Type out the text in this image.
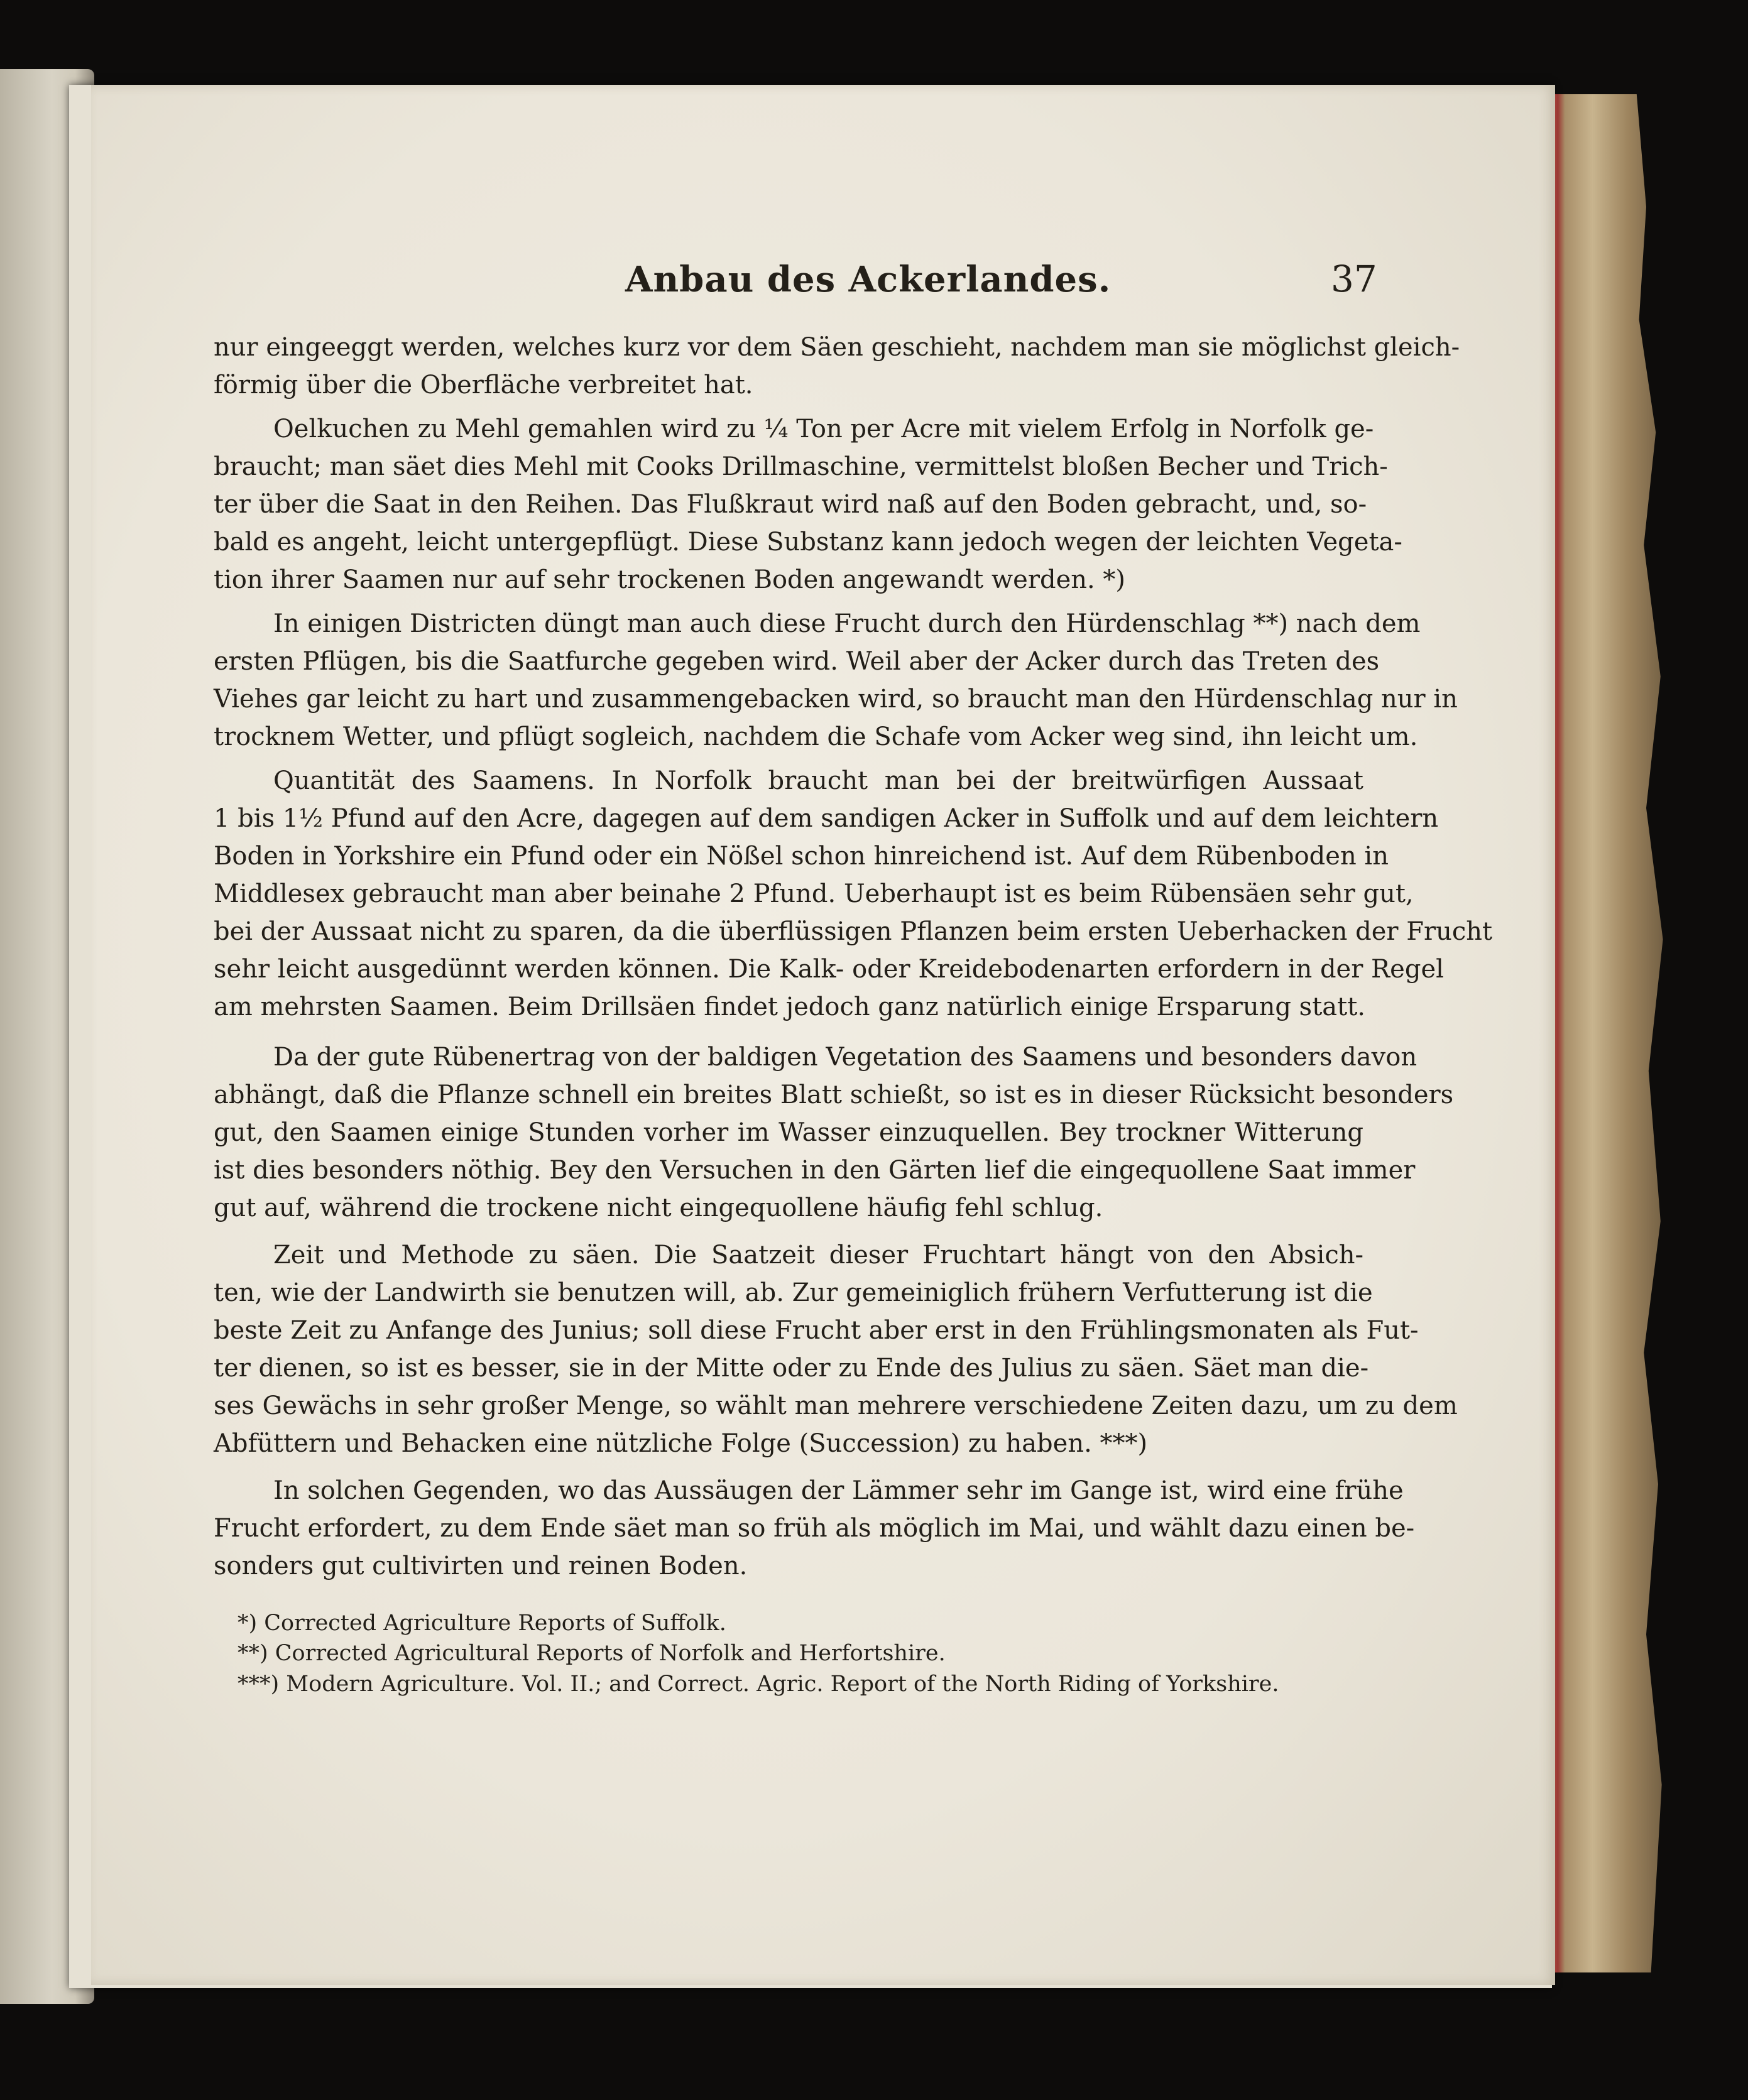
Anbau des Ackerlandes.	37
nur eingeeggt werden, welches kurz vor dem Säen geschieht, nachdem man sie möglichst gleich-
förmig über die Oberfläche verbreitet hat.
Oelkuchen zu Mehl gemahlen wird zu ¼ Ton per Acre mit vielem Erfolg in Norfolk ge-
braucht; man säet dies Mehl mit Cooks Drillmaschine, vermittelst bloßen Becher und Trich-
ter über die Saat in den Reihen. Das Flußkraut wird naß auf den Boden gebracht, und, so-
bald es angeht, leicht untergepflügt. Diese Substanz kann jedoch wegen der leichten Vegeta-
tion ihrer Saamen nur auf sehr trockenen Boden angewandt werden. *)
In einigen Districten düngt man auch diese Frucht durch den Hürdenschlag **) nach dem
ersten Pflügen, bis die Saatfurche gegeben wird. Weil aber der Acker durch das Treten des
Viehes gar leicht zu hart und zusammengebacken wird, so braucht man den Hürdenschlag nur in
trocknem Wetter, und pflügt sogleich, nachdem die Schafe vom Acker weg sind, ihn leicht um.
Quantität des Saamens. In Norfolk braucht man bei der breitwürfigen Aussaat
1 bis 1½ Pfund auf den Acre, dagegen auf dem sandigen Acker in Suffolk und auf dem leichtern
Boden in Yorkshire ein Pfund oder ein Nößel schon hinreichend ist. Auf dem Rübenboden in
Middlesex gebraucht man aber beinahe 2 Pfund. Ueberhaupt ist es beim Rübensäen sehr gut,
bei der Aussaat nicht zu sparen, da die überflüssigen Pflanzen beim ersten Ueberhacken der Frucht
sehr leicht ausgedünnt werden können. Die Kalk- oder Kreidebodenarten erfordern in der Regel
am mehrsten Saamen. Beim Drillsäen findet jedoch ganz natürlich einige Ersparung statt.
Da der gute Rübenertrag von der baldigen Vegetation des Saamens und besonders davon
abhängt, daß die Pflanze schnell ein breites Blatt schießt, so ist es in dieser Rücksicht besonders
gut, den Saamen einige Stunden vorher im Wasser einzuquellen. Bey trockner Witterung
ist dies besonders nöthig. Bey den Versuchen in den Gärten lief die eingequollene Saat immer
gut auf, während die trockene nicht eingequollene häufig fehl schlug.
Zeit und Methode zu säen. Die Saatzeit dieser Fruchtart hängt von den Absich-
ten, wie der Landwirth sie benutzen will, ab. Zur gemeiniglich frühern Verfutterung ist die
beste Zeit zu Anfange des Junius; soll diese Frucht aber erst in den Frühlingsmonaten als Fut-
ter dienen, so ist es besser, sie in der Mitte oder zu Ende des Julius zu säen. Säet man die-
ses Gewächs in sehr großer Menge, so wählt man mehrere verschiedene Zeiten dazu, um zu dem
Abfüttern und Behacken eine nützliche Folge (Succession) zu haben. ***)
In solchen Gegenden, wo das Aussäugen der Lämmer sehr im Gange ist, wird eine frühe
Frucht erfordert, zu dem Ende säet man so früh als möglich im Mai, und wählt dazu einen be-
sonders gut cultivirten und reinen Boden.
*) Corrected Agriculture Reports of Suffolk.
**) Corrected Agricultural Reports of Norfolk and Herfortshire.
***) Modern Agriculture. Vol. II.; and Correct. Agric. Report of the North Riding of Yorkshire.
